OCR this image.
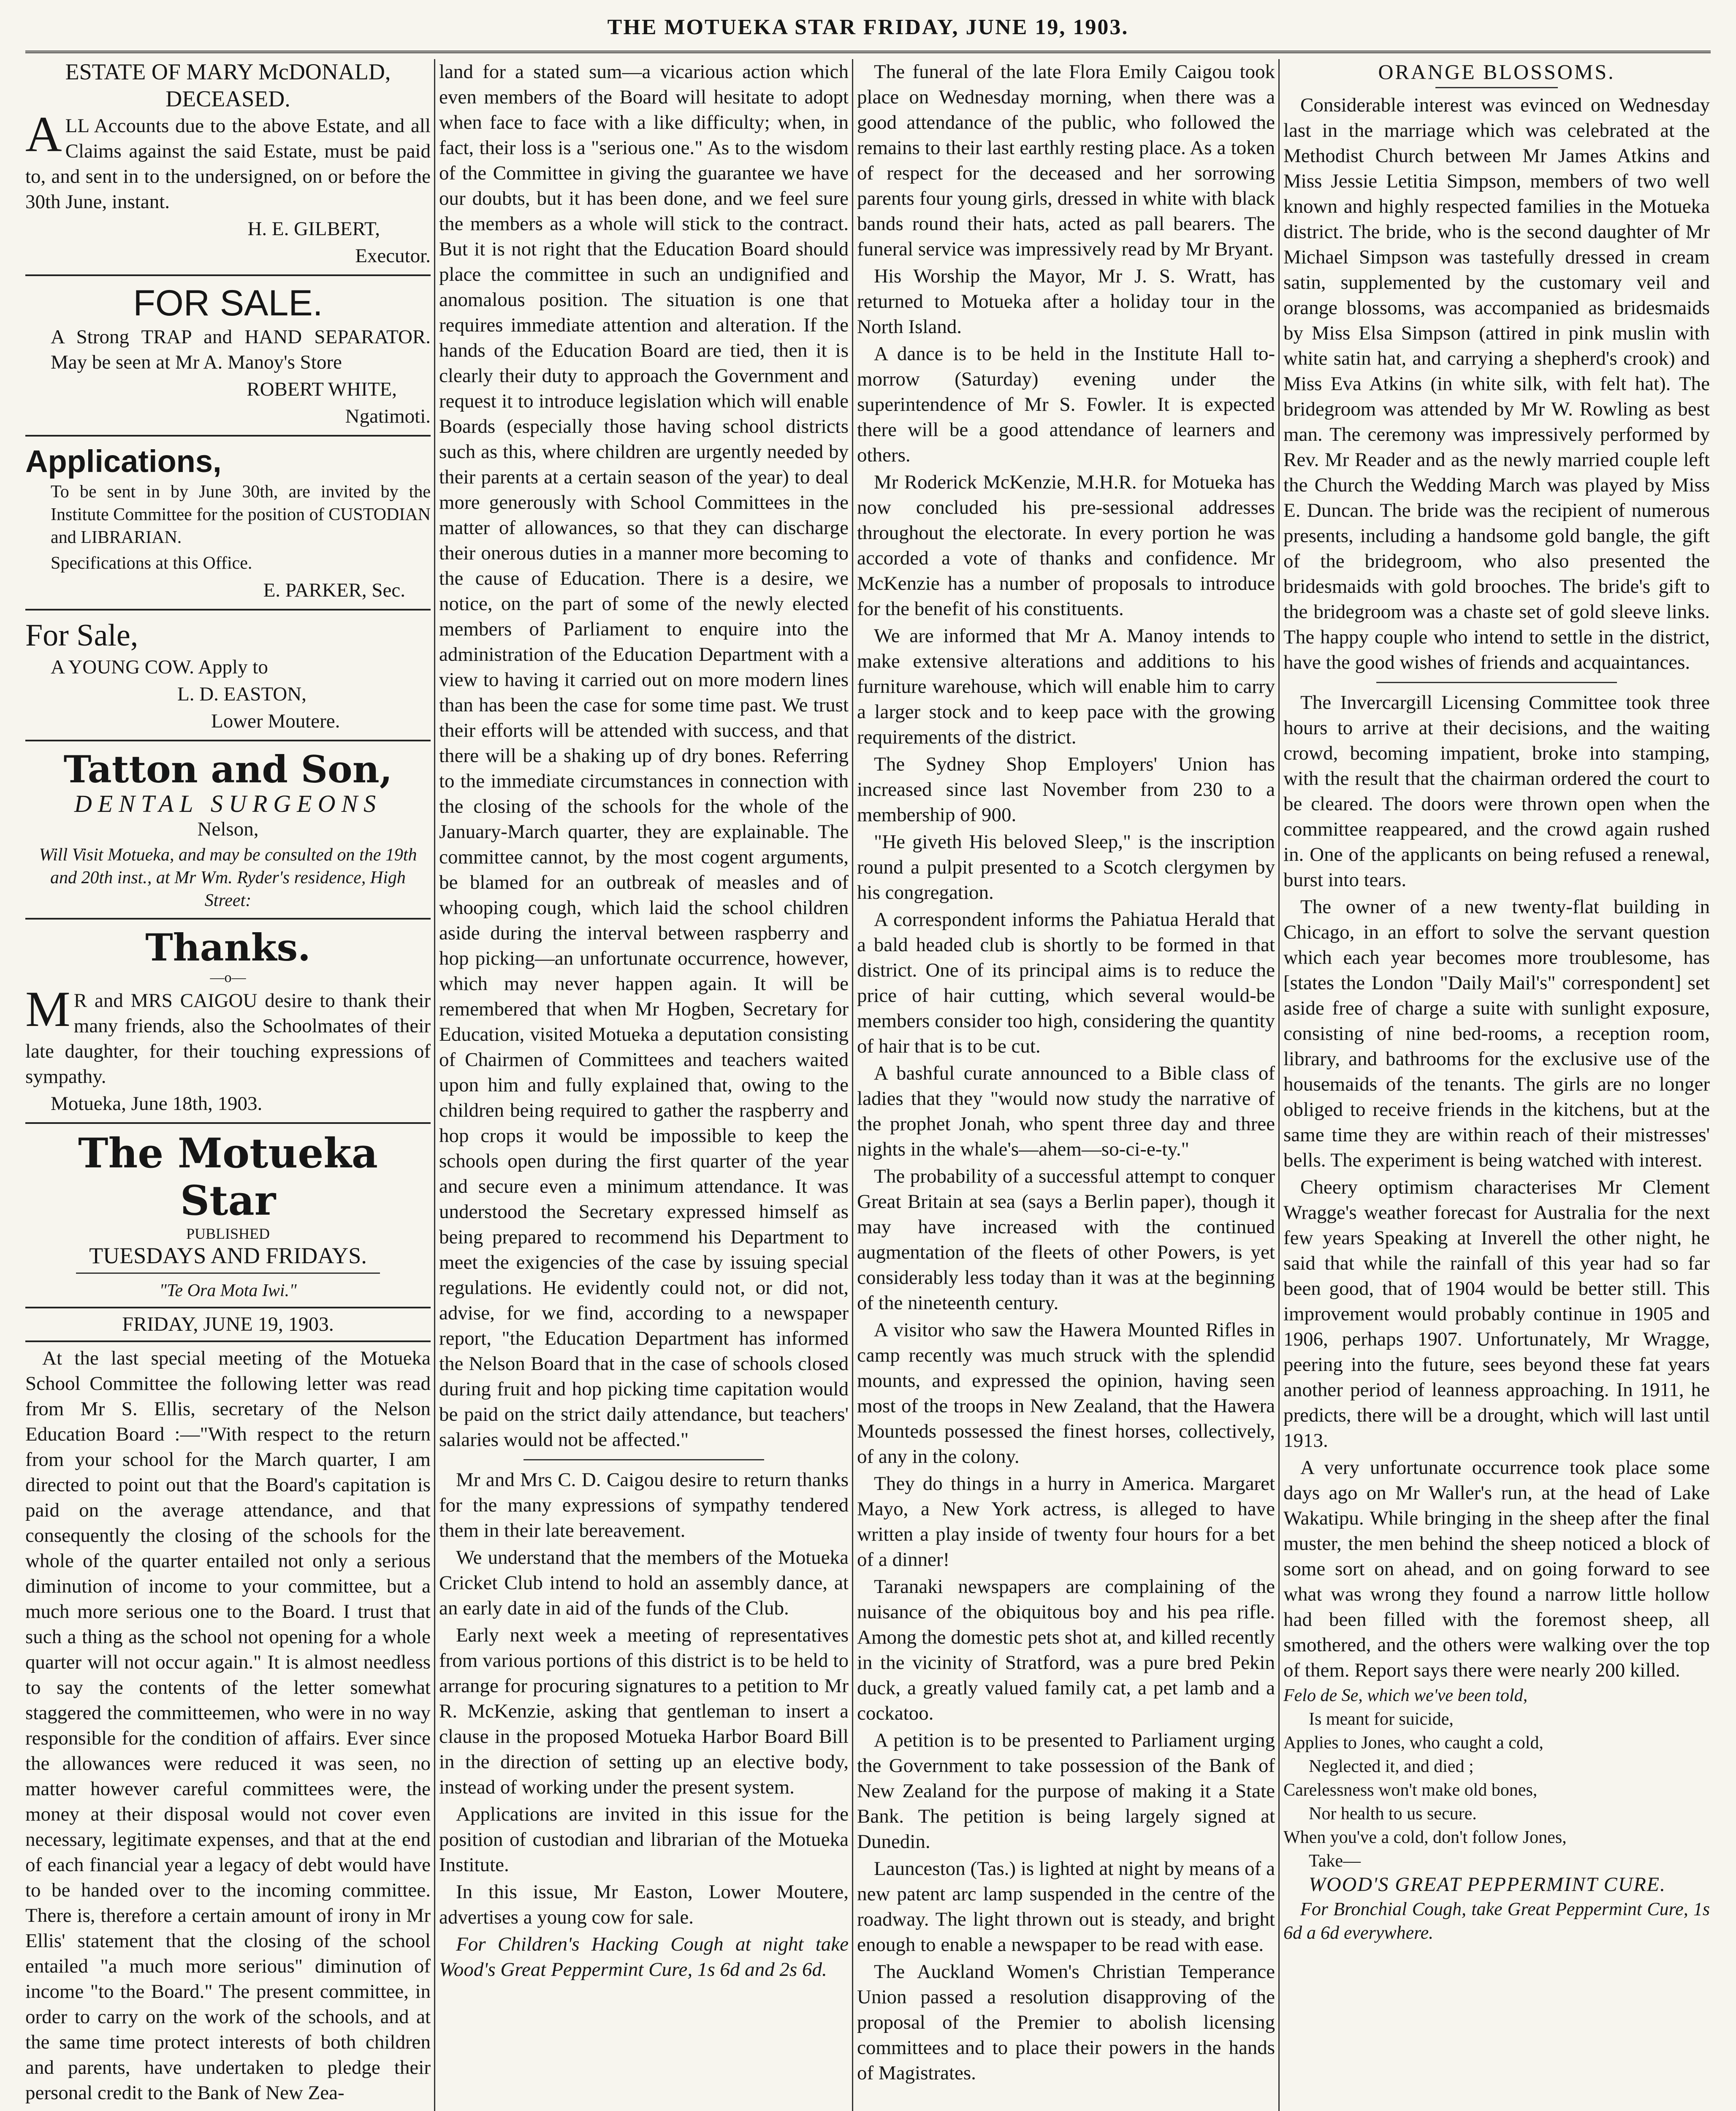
THE MOTUEKA STAR FRIDAY, JUNE 19, 1903.

ESTATE OF MARY McDONALD,

DECEASED.

ALL Accounts due to the above Estate, and all Claims against the said Estate, must be paid to, and sent in to the undersigned, on or before the 30th June, instant.

H. E. GILBERT,

Executor.

FOR SALE.

A Strong TRAP and HAND SEPARATOR. May be seen at Mr A. Manoy's Store

ROBERT WHITE,

Ngatimoti.

Applications,

To be sent in by June 30th, are invited by the Institute Committee for the position of CUSTODIAN and LIBRARIAN.

Specifications at this Office.

E. PARKER, Sec.

For Sale,

A YOUNG COW. Apply to

L. D. EASTON,

Lower Moutere.

Tatton and Son,
DENTAL SURGEONS

Nelson,

Will Visit Motueka, and may be consulted on the 19th and 20th inst., at Mr Wm. Ryder's residence, High Street:

Thanks.

—o—

MR and MRS CAIGOU desire to thank their many friends, also the Schoolmates of their late daughter, for their touching expressions of sympathy.

Motueka, June 18th, 1903.

The Motueka Star
PUBLISHED

TUESDAYS AND FRIDAYS.

"Te Ora Mota Iwi."

FRIDAY, JUNE 19, 1903.

At the last special meeting of the Motueka School Committee the following letter was read from Mr S. Ellis, secretary of the Nelson Education Board :—"With respect to the return from your school for the March quarter, I am directed to point out that the Board's capitation is paid on the average attendance, and that consequently the closing of the schools for the whole of the quarter entailed not only a serious diminution of income to your committee, but a much more serious one to the Board. I trust that such a thing as the school not opening for a whole quarter will not occur again." It is almost needless to say the contents of the letter somewhat staggered the committeemen, who were in no way responsible for the condition of affairs. Ever since the allowances were reduced it was seen, no matter however careful committees were, the money at their disposal would not cover even necessary, legitimate expenses, and that at the end of each financial year a legacy of debt would have to be handed over to the incoming committee. There is, therefore a certain amount of irony in Mr Ellis' statement that the closing of the school entailed "a much more serious" diminution of income "to the Board." The present committee, in order to carry on the work of the schools, and at the same time protect interests of both children and parents, have undertaken to pledge their personal credit to the Bank of New Zea-

land for a stated sum—a vicarious action which even members of the Board will hesitate to adopt when face to face with a like difficulty; when, in fact, their loss is a "serious one." As to the wisdom of the Committee in giving the guarantee we have our doubts, but it has been done, and we feel sure the members as a whole will stick to the contract. But it is not right that the Education Board should place the committee in such an undignified and anomalous position. The situation is one that requires immediate attention and alteration. If the hands of the Education Board are tied, then it is clearly their duty to approach the Government and request it to introduce legislation which will enable Boards (especially those having school districts such as this, where children are urgently needed by their parents at a certain season of the year) to deal more generously with School Committees in the matter of allowances, so that they can discharge their onerous duties in a manner more becoming to the cause of Education. There is a desire, we notice, on the part of some of the newly elected members of Parliament to enquire into the administration of the Education Department with a view to having it carried out on more modern lines than has been the case for some time past. We trust their efforts will be attended with success, and that there will be a shaking up of dry bones. Referring to the immediate circumstances in connection with the closing of the schools for the whole of the January-March quarter, they are explainable. The committee cannot, by the most cogent arguments, be blamed for an outbreak of measles and of whooping cough, which laid the school children aside during the interval between raspberry and hop picking—an unfortunate occurrence, however, which may never happen again. It will be remembered that when Mr Hogben, Secretary for Education, visited Motueka a deputation consisting of Chairmen of Committees and teachers waited upon him and fully explained that, owing to the children being required to gather the raspberry and hop crops it would be impossible to keep the schools open during the first quarter of the year and secure even a minimum attendance. It was understood the Secretary expressed himself as being prepared to recommend his Department to meet the exigencies of the case by issuing special regulations. He evidently could not, or did not, advise, for we find, according to a newspaper report, "the Education Department has informed the Nelson Board that in the case of schools closed during fruit and hop picking time capitation would be paid on the strict daily attendance, but teachers' salaries would not be affected."

Mr and Mrs C. D. Caigou desire to return thanks for the many expressions of sympathy tendered them in their late bereavement.

We understand that the members of the Motueka Cricket Club intend to hold an assembly dance, at an early date in aid of the funds of the Club.

Early next week a meeting of representatives from various portions of this district is to be held to arrange for procuring signatures to a petition to Mr R. McKenzie, asking that gentleman to insert a clause in the proposed Motueka Harbor Board Bill in the direction of setting up an elective body, instead of working under the present system.

Applications are invited in this issue for the position of custodian and librarian of the Motueka Institute.

In this issue, Mr Easton, Lower Moutere, advertises a young cow for sale.

For Children's Hacking Cough at night take Wood's Great Peppermint Cure, 1s 6d and 2s 6d.

The funeral of the late Flora Emily Caigou took place on Wednesday morning, when there was a good attendance of the public, who followed the remains to their last earthly resting place. As a token of respect for the deceased and her sorrowing parents four young girls, dressed in white with black bands round their hats, acted as pall bearers. The funeral service was impressively read by Mr Bryant.

His Worship the Mayor, Mr J. S. Wratt, has returned to Motueka after a holiday tour in the North Island.

A dance is to be held in the Institute Hall to-morrow (Saturday) evening under the superintendence of Mr S. Fowler. It is expected there will be a good attendance of learners and others.

Mr Roderick McKenzie, M.H.R. for Motueka has now concluded his pre-sessional addresses throughout the electorate. In every portion he was accorded a vote of thanks and confidence. Mr McKenzie has a number of proposals to introduce for the benefit of his constituents.

We are informed that Mr A. Manoy intends to make extensive alterations and additions to his furniture warehouse, which will enable him to carry a larger stock and to keep pace with the growing requirements of the district.

The Sydney Shop Employers' Union has increased since last November from 230 to a membership of 900.

"He giveth His beloved Sleep," is the inscription round a pulpit presented to a Scotch clergymen by his congregation.

A correspondent informs the Pahiatua Herald that a bald headed club is shortly to be formed in that district. One of its principal aims is to reduce the price of hair cutting, which several would-be members consider too high, considering the quantity of hair that is to be cut.

A bashful curate announced to a Bible class of ladies that they "would now study the narrative of the prophet Jonah, who spent three day and three nights in the whale's—ahem—so-ci-e-ty."

The probability of a successful attempt to conquer Great Britain at sea (says a Berlin paper), though it may have increased with the continued augmentation of the fleets of other Powers, is yet considerably less today than it was at the beginning of the nineteenth century.

A visitor who saw the Hawera Mounted Rifles in camp recently was much struck with the splendid mounts, and expressed the opinion, having seen most of the troops in New Zealand, that the Hawera Mounteds possessed the finest horses, collectively, of any in the colony.

They do things in a hurry in America. Margaret Mayo, a New York actress, is alleged to have written a play inside of twenty four hours for a bet of a dinner!

Taranaki newspapers are complaining of the nuisance of the obiquitous boy and his pea rifle. Among the domestic pets shot at, and killed recently in the vicinity of Stratford, was a pure bred Pekin duck, a greatly valued family cat, a pet lamb and a cockatoo.

A petition is to be presented to Parliament urging the Government to take possession of the Bank of New Zealand for the purpose of making it a State Bank. The petition is being largely signed at Dunedin.

Launceston (Tas.) is lighted at night by means of a new patent arc lamp suspended in the centre of the roadway. The light thrown out is steady, and bright enough to enable a newspaper to be read with ease.

The Auckland Women's Christian Temperance Union passed a resolution disapproving of the proposal of the Premier to abolish licensing committees and to place their powers in the hands of Magistrates.

ORANGE BLOSSOMS.

Considerable interest was evinced on Wednesday last in the marriage which was celebrated at the Methodist Church between Mr James Atkins and Miss Jessie Letitia Simpson, members of two well known and highly respected families in the Motueka district. The bride, who is the second daughter of Mr Michael Simpson was tastefully dressed in cream satin, supplemented by the customary veil and orange blossoms, was accompanied as bridesmaids by Miss Elsa Simpson (attired in pink muslin with white satin hat, and carrying a shepherd's crook) and Miss Eva Atkins (in white silk, with felt hat). The bridegroom was attended by Mr W. Rowling as best man. The ceremony was impressively performed by Rev. Mr Reader and as the newly married couple left the Church the Wedding March was played by Miss E. Duncan. The bride was the recipient of numerous presents, including a handsome gold bangle, the gift of the bridegroom, who also presented the bridesmaids with gold brooches. The bride's gift to the bridegroom was a chaste set of gold sleeve links. The happy couple who intend to settle in the district, have the good wishes of friends and acquaintances.

The Invercargill Licensing Committee took three hours to arrive at their decisions, and the waiting crowd, becoming impatient, broke into stamping, with the result that the chairman ordered the court to be cleared. The doors were thrown open when the committee reappeared, and the crowd again rushed in. One of the applicants on being refused a renewal, burst into tears.

The owner of a new twenty-flat building in Chicago, in an effort to solve the servant question which each year becomes more troublesome, has [states the London "Daily Mail's" correspondent] set aside free of charge a suite with sunlight exposure, consisting of nine bed-rooms, a reception room, library, and bathrooms for the exclusive use of the housemaids of the tenants. The girls are no longer obliged to receive friends in the kitchens, but at the same time they are within reach of their mistresses' bells. The experiment is being watched with interest.

Cheery optimism characterises Mr Clement Wragge's weather forecast for Australia for the next few years Speaking at Inverell the other night, he said that while the rainfall of this year had so far been good, that of 1904 would be better still. This improvement would probably continue in 1905 and 1906, perhaps 1907. Unfortunately, Mr Wragge, peering into the future, sees beyond these fat years another period of leanness approaching. In 1911, he predicts, there will be a drought, which will last until 1913.

A very unfortunate occurrence took place some days ago on Mr Waller's run, at the head of Lake Wakatipu. While bringing in the sheep after the final muster, the men behind the sheep noticed a block of some sort on ahead, and on going forward to see what was wrong they found a narrow little hollow had been filled with the foremost sheep, all smothered, and the others were walking over the top of them. Report says there were nearly 200 killed.

Felo de Se, which we've been told,

Is meant for suicide,

Applies to Jones, who caught a cold,

Neglected it, and died ;

Carelessness won't make old bones,

Nor health to us secure.

When you've a cold, don't follow Jones,

Take—

WOOD'S GREAT PEPPERMINT CURE.

For Bronchial Cough, take Great Peppermint Cure, 1s 6d a 6d everywhere.
